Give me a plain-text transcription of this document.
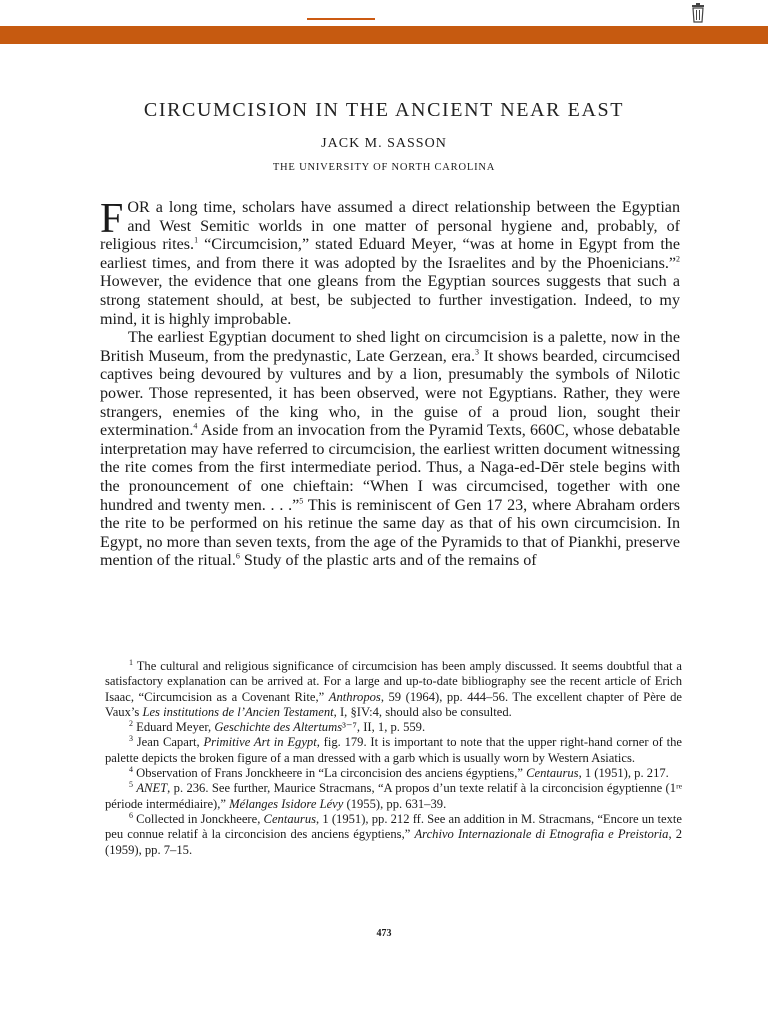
CIRCUMCISION IN THE ANCIENT NEAR EAST
JACK M. SASSON
THE UNIVERSITY OF NORTH CAROLINA

FOR a long time, scholars have assumed a direct relationship between the Egyptian and West Semitic worlds in one matter of personal hygiene and, probably, of religious rites.$^1$ “Circumcision,” stated Eduard Meyer, “was at home in Egypt from the earliest times, and from there it was adopted by the Israelites and by the Phoenicians.”$^2$ However, the evidence that one gleans from the Egyptian sources suggests that such a strong statement should, at best, be subjected to further investigation. Indeed, to my mind, it is highly improbable.

The earliest Egyptian document to shed light on circumcision is a palette, now in the British Museum, from the predynastic, Late Gerzean, era.$^3$ It shows bearded, circumcised captives being devoured by vultures and by a lion, presumably the symbols of Nilotic power. Those represented, it has been observed, were not Egyptians. Rather, they were strangers, enemies of the king who, in the guise of a proud lion, sought their extermination.$^4$ Aside from an invocation from the Pyramid Texts, 660C, whose debatable interpretation may have referred to circumcision, the earliest written document witnessing the rite comes from the first intermediate period. Thus, a Naga-ed-Dēr stele begins with the pronouncement of one chieftain: “When I was circumcised, together with one hundred and twenty men. . . .”$^5$ This is reminiscent of Gen 17 23, where Abraham orders the rite to be performed on his retinue the same day as that of his own circumcision. In Egypt, no more than seven texts, from the age of the Pyramids to that of Piankhi, preserve mention of the ritual.$^6$ Study of the plastic arts and of the remains of

$^1$ The cultural and religious significance of circumcision has been amply discussed. It seems doubtful that a satisfactory explanation can be arrived at. For a large and up-to-date bibliography see the recent article of Erich Isaac, “Circumcision as a Covenant Rite,” Anthropos, 59 (1964), pp. 444–56. The excellent chapter of Père de Vaux’s Les institutions de l’Ancien Testament, I, §IV:4, should also be consulted.

$^2$ Eduard Meyer, Geschichte des Altertums³⁻⁷, II, 1, p. 559.

$^3$ Jean Capart, Primitive Art in Egypt, fig. 179. It is important to note that the upper right-hand corner of the palette depicts the broken figure of a man dressed with a garb which is usually worn by Western Asiatics.

$^4$ Observation of Frans Jonckheere in “La circoncision des anciens égyptiens,” Centaurus, 1 (1951), p. 217.

$^5$ ANET, p. 236. See further, Maurice Stracmans, “A propos d’un texte relatif à la circoncision égyptienne (1ʳᵉ période intermédiaire),” Mélanges Isidore Lévy (1955), pp. 631–39.

$^6$ Collected in Jonckheere, Centaurus, 1 (1951), pp. 212 ff. See an addition in M. Stracmans, “Encore un texte peu connue relatif à la circoncision des anciens égyptiens,” Archivo Internazionale di Etnografia e Preistoria, 2 (1959), pp. 7–15.

473
